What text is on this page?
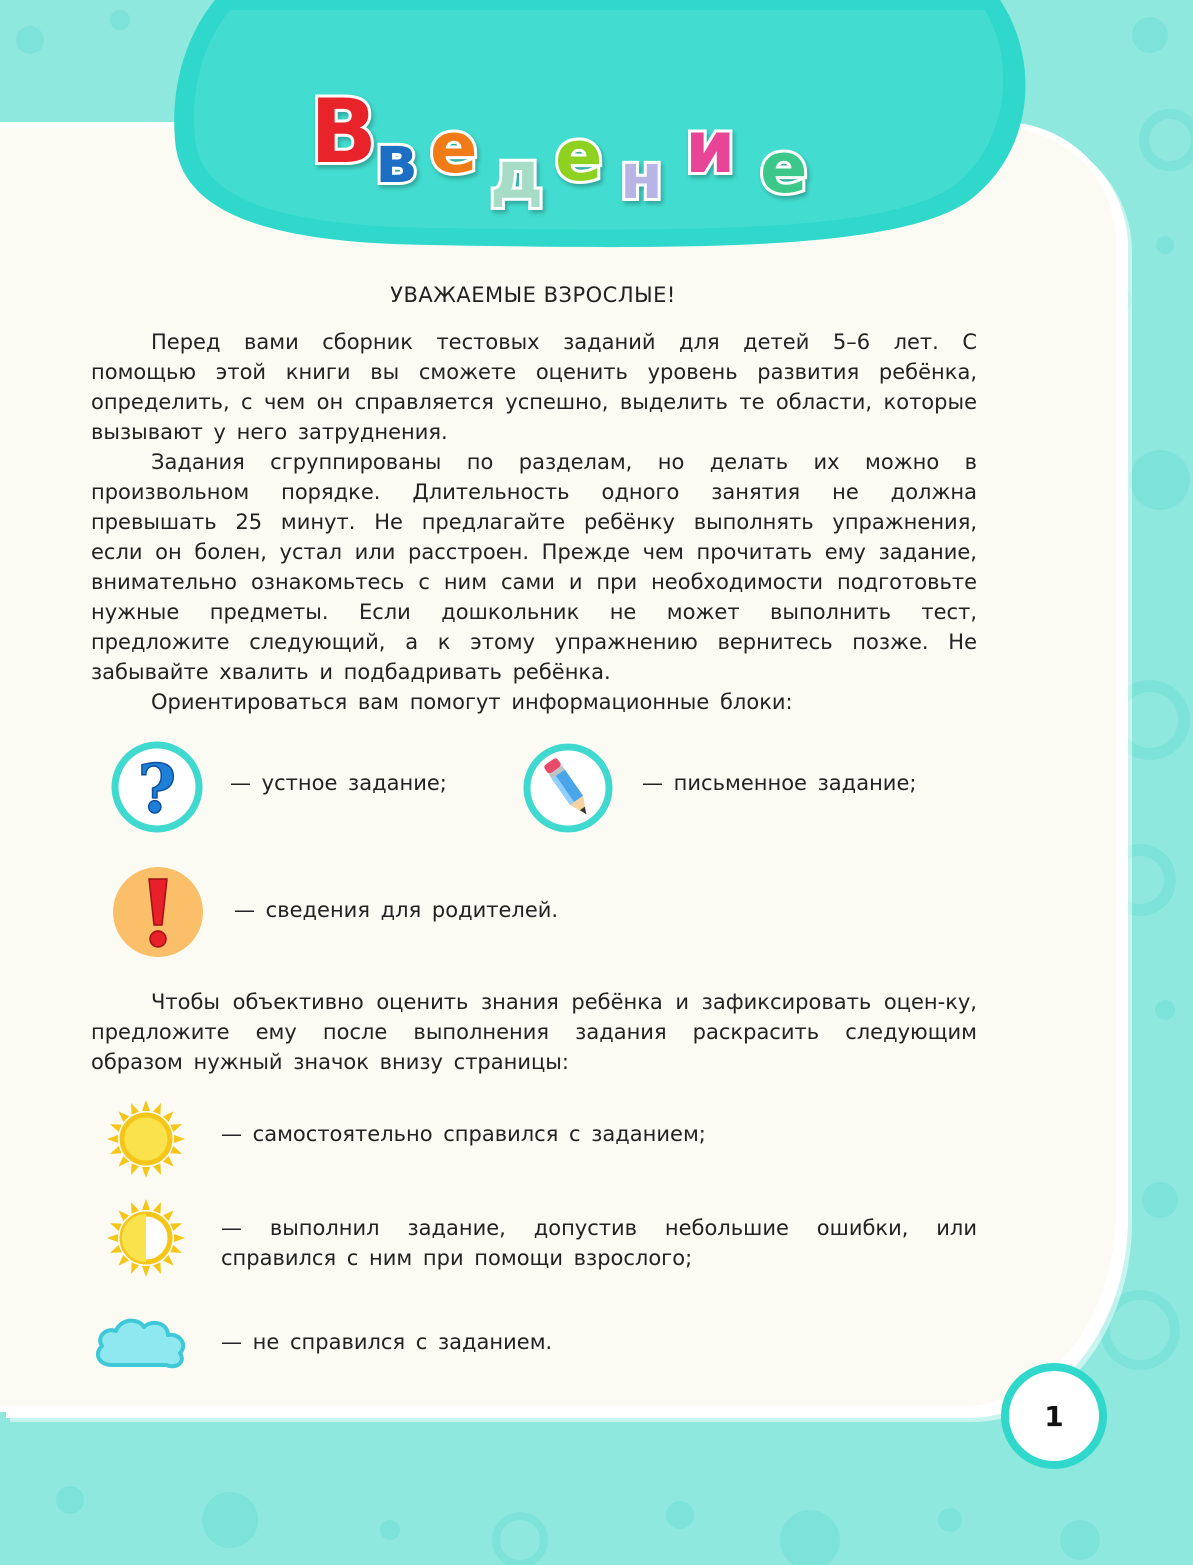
В
в е д е н и е
УВАЖАЕМЫЕ ВЗРОСЛЫЕ!

Перед вами сборник тестовых заданий для детей 5–6 лет. С помощью этой книги вы сможете оценить уровень развития ребёнка, определить, с чем он справляется успешно, выделить те области, которые вызывают у него затруднения.

Задания сгруппированы по разделам, но делать их можно в произвольном порядке. Длительность одного занятия не должна превышать 25 минут. Не предлагайте ребёнку выполнять упражнения, если он болен, устал или расстроен. Прежде чем прочитать ему задание, внимательно ознакомьтесь с ним сами и при необходимости подготовьте нужные предметы. Если дошкольник не может выполнить тест, предложите следующий, а к этому упражнению вернитесь позже. Не забывайте хвалить и подбадривать ребёнка.

Ориентироваться вам помогут информационные блоки:

?	— устное задание;	— письменное задание;
— сведения для родителей.

Чтобы объективно оценить знания ребёнка и зафиксировать оцен-ку, предложите ему после выполнения задания раскрасить следующим образом нужный значок внизу страницы:

— самостоятельно справился с заданием;
— выполнил задание, допустив небольшие ошибки, или справился с ним при помощи взрослого;
— не справился с заданием.
1
